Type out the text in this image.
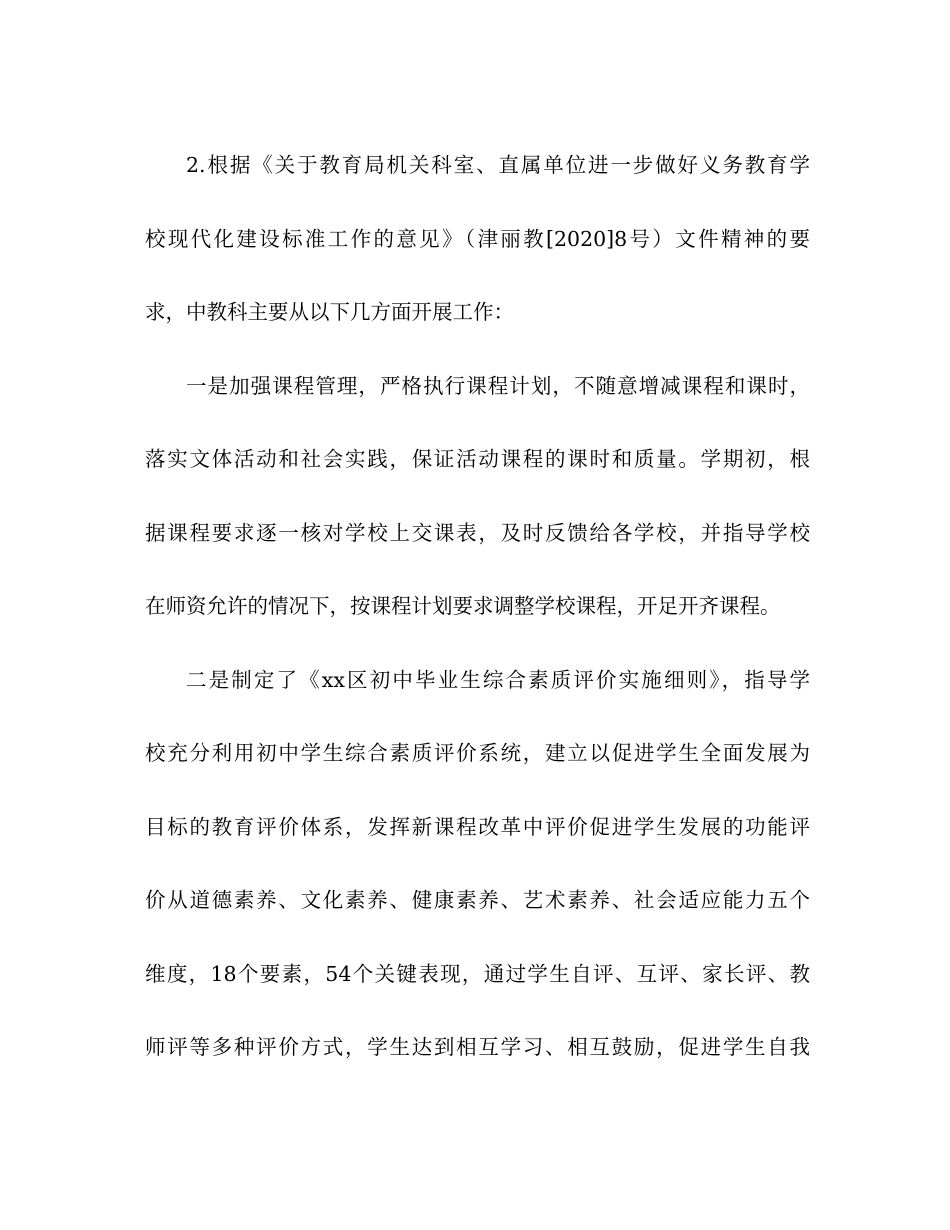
2.根据《关于教育局机关科室、直属单位进一步做好义务教育学
校现代化建设标准工作的意见》（津丽教[2020]8号）文件精神的要
求，中教科主要从以下几方面开展工作：
一是加强课程管理，严格执行课程计划，不随意增减课程和课时，
落实文体活动和社会实践，保证活动课程的课时和质量。学期初，根
据课程要求逐一核对学校上交课表，及时反馈给各学校，并指导学校
在师资允许的情况下，按课程计划要求调整学校课程，开足开齐课程。
二是制定了《xx区初中毕业生综合素质评价实施细则》，指导学
校充分利用初中学生综合素质评价系统，建立以促进学生全面发展为
目标的教育评价体系，发挥新课程改革中评价促进学生发展的功能评
价从道德素养、文化素养、健康素养、艺术素养、社会适应能力五个
维度，18个要素，54个关键表现，通过学生自评、互评、家长评、教
师评等多种评价方式，学生达到相互学习、相互鼓励，促进学生自我
